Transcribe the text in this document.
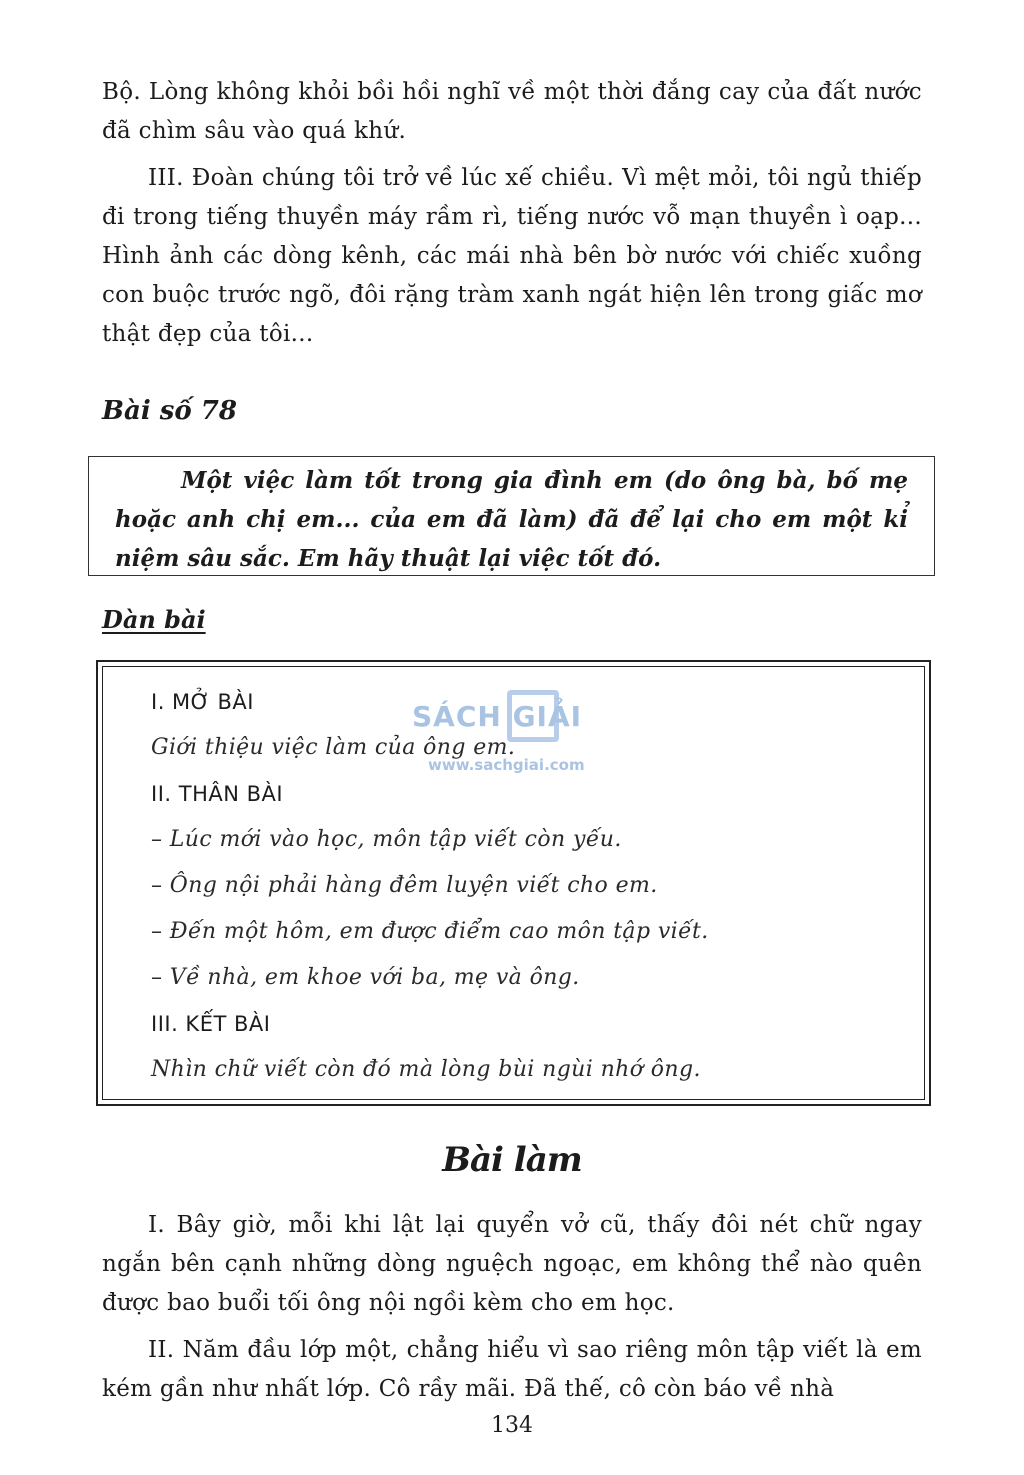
Bộ. Lòng không khỏi bồi hồi nghĩ về một thời đắng cay của đất nước đã chìm sâu vào quá khứ.

III. Đoàn chúng tôi trở về lúc xế chiều. Vì mệt mỏi, tôi ngủ thiếp đi trong tiếng thuyền máy rầm rì, tiếng nước vỗ mạn thuyền ì oạp... Hình ảnh các dòng kênh, các mái nhà bên bờ nước với chiếc xuồng con buộc trước ngõ, đôi rặng tràm xanh ngát hiện lên trong giấc mơ thật đẹp của tôi...

Bài số 78

Một việc làm tốt trong gia đình em (do ông bà, bố mẹ hoặc anh chị em... của em đã làm) đã để lại cho em một kỉ niệm sâu sắc. Em hãy thuật lại việc tốt đó.

Dàn bài
I. MỞ BÀI
Giới thiệu việc làm của ông em.
II. THÂN BÀI
– Lúc mới vào học, môn tập viết còn yếu.
– Ông nội phải hàng đêm luyện viết cho em.
– Đến một hôm, em được điểm cao môn tập viết.
– Về nhà, em khoe với ba, mẹ và ông.
III. KẾT BÀI
Nhìn chữ viết còn đó mà lòng bùi ngùi nhớ ông.
SÁCH GIẢI
www.sachgiai.com
Bài làm

I. Bây giờ, mỗi khi lật lại quyển vở cũ, thấy đôi nét chữ ngay ngắn bên cạnh những dòng nguệch ngoạc, em không thể nào quên được bao buổi tối ông nội ngồi kèm cho em học.

II. Năm đầu lớp một, chẳng hiểu vì sao riêng môn tập viết là em kém gần như nhất lớp. Cô rầy mãi. Đã thế, cô còn báo về nhà

134
